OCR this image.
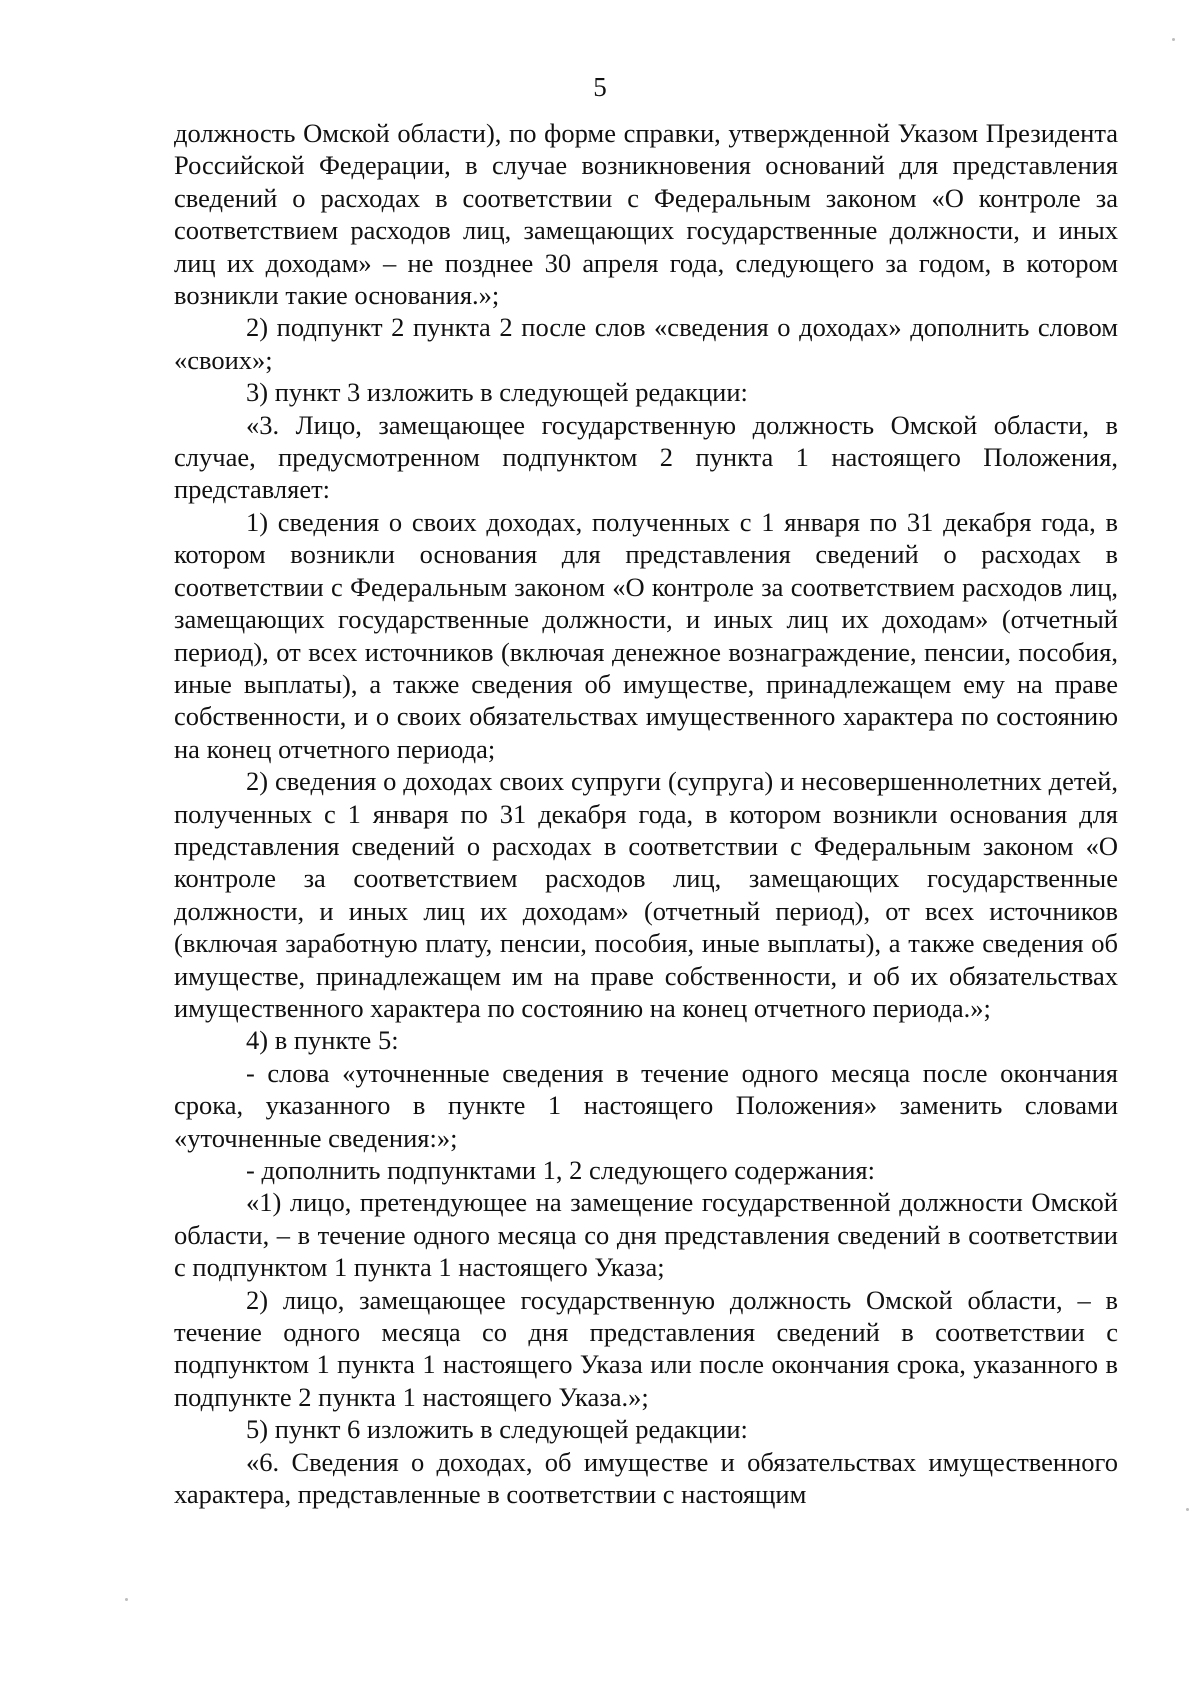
5

должность Омской области), по форме справки, утвержденной Указом Президента Российской Федерации, в случае возникновения оснований для представления сведений о расходах в соответствии с Федеральным законом «О контроле за соответствием расходов лиц, замещающих государственные должности, и иных лиц их доходам» – не позднее 30 апреля года, следующего за годом, в котором возникли такие основания.»;

2) подпункт 2 пункта 2 после слов «сведения о доходах» дополнить словом «своих»;

3) пункт 3 изложить в следующей редакции:

«3. Лицо, замещающее государственную должность Омской области, в случае, предусмотренном подпунктом 2 пункта 1 настоящего Положения, представляет:

1) сведения о своих доходах, полученных с 1 января по 31 декабря года, в котором возникли основания для представления сведений о расходах в соответствии с Федеральным законом «О контроле за соответствием расходов лиц, замещающих государственные должности, и иных лиц их доходам» (отчетный период), от всех источников (включая денежное вознаграждение, пенсии, пособия, иные выплаты), а также сведения об имуществе, принадлежащем ему на праве собственности, и о своих обязательствах имущественного характера по состоянию на конец отчетного периода;

2) сведения о доходах своих супруги (супруга) и несовершеннолетних детей, полученных с 1 января по 31 декабря года, в котором возникли основания для представления сведений о расходах в соответствии с Федеральным законом «О контроле за соответствием расходов лиц, замещающих государственные должности, и иных лиц их доходам» (отчетный период), от всех источников (включая заработную плату, пенсии, пособия, иные выплаты), а также сведения об имуществе, принадлежащем им на праве собственности, и об их обязательствах имущественного характера по состоянию на конец отчетного периода.»;

4) в пункте 5:

- слова «уточненные сведения в течение одного месяца после окончания срока, указанного в пункте 1 настоящего Положения» заменить словами «уточненные сведения:»;

- дополнить подпунктами 1, 2 следующего содержания:

«1) лицо, претендующее на замещение государственной должности Омской области, – в течение одного месяца со дня представления сведений в соответствии с подпунктом 1 пункта 1 настоящего Указа;

2) лицо, замещающее государственную должность Омской области, – в течение одного месяца со дня представления сведений в соответствии с подпунктом 1 пункта 1 настоящего Указа или после окончания срока, указанного в подпункте 2 пункта 1 настоящего Указа.»;

5) пункт 6 изложить в следующей редакции:

«6. Сведения о доходах, об имуществе и обязательствах имущественного характера, представленные в соответствии с настоящим
